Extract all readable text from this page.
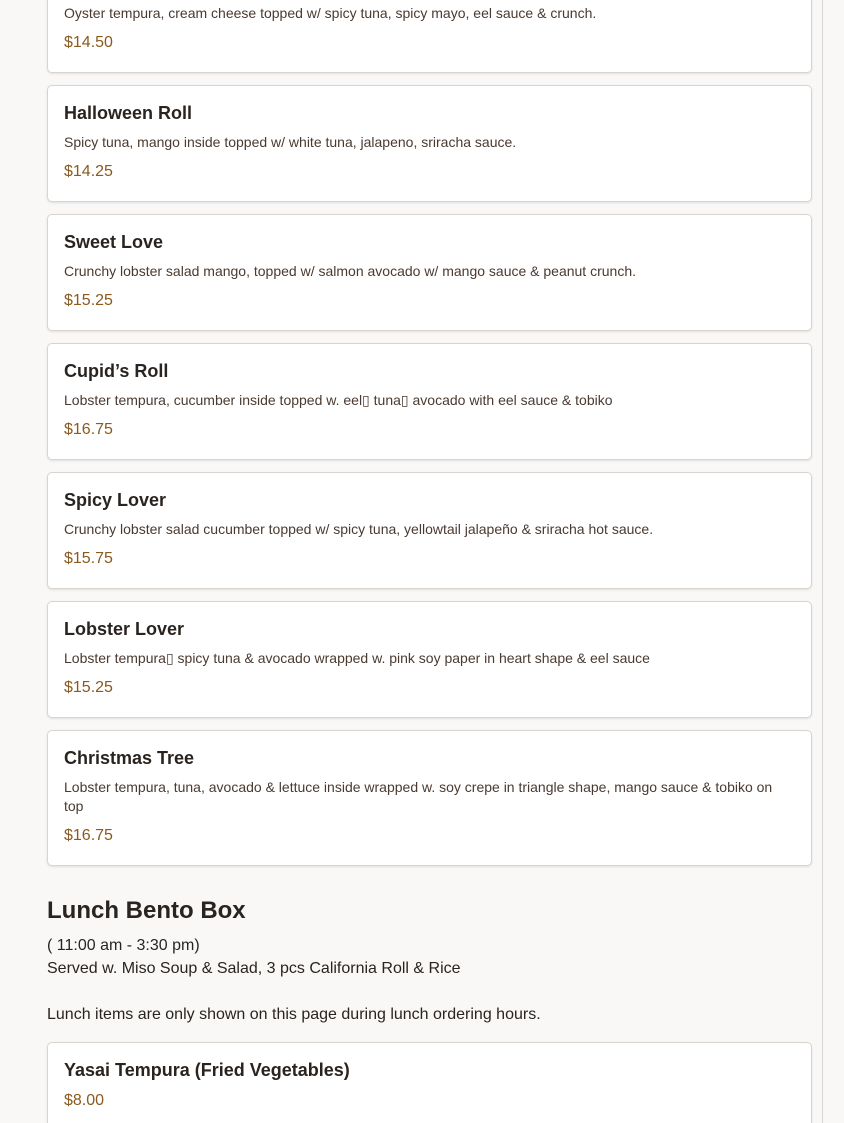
Oyster tempura, cream cheese topped w/ spicy tuna, spicy mayo, eel sauce & crunch.
$14.50
Halloween Roll
Spicy tuna, mango inside topped w/ white tuna, jalapeno, sriracha sauce.
$14.25
Sweet Love
Crunchy lobster salad mango, topped w/ salmon avocado w/ mango sauce & peanut crunch.
$15.25
Cupid’s Roll
Lobster tempura, cucumber inside topped w. eel▯ tuna▯ avocado with eel sauce & tobiko
$16.75
Spicy Lover
Crunchy lobster salad cucumber topped w/ spicy tuna, yellowtail jalapeño & sriracha hot sauce.
$15.75
Lobster Lover
Lobster tempura▯ spicy tuna & avocado wrapped w. pink soy paper in heart shape & eel sauce
$15.25
Christmas Tree
Lobster tempura, tuna, avocado & lettuce inside wrapped w. soy crepe in triangle shape, mango sauce & tobiko on top
$16.75
Lunch Bento Box
( 11:00 am - 3:30 pm)
Served w. Miso Soup & Salad, 3 pcs California Roll & Rice
Lunch items are only shown on this page during lunch ordering hours.
Yasai Tempura (Fried Vegetables)
$8.00
